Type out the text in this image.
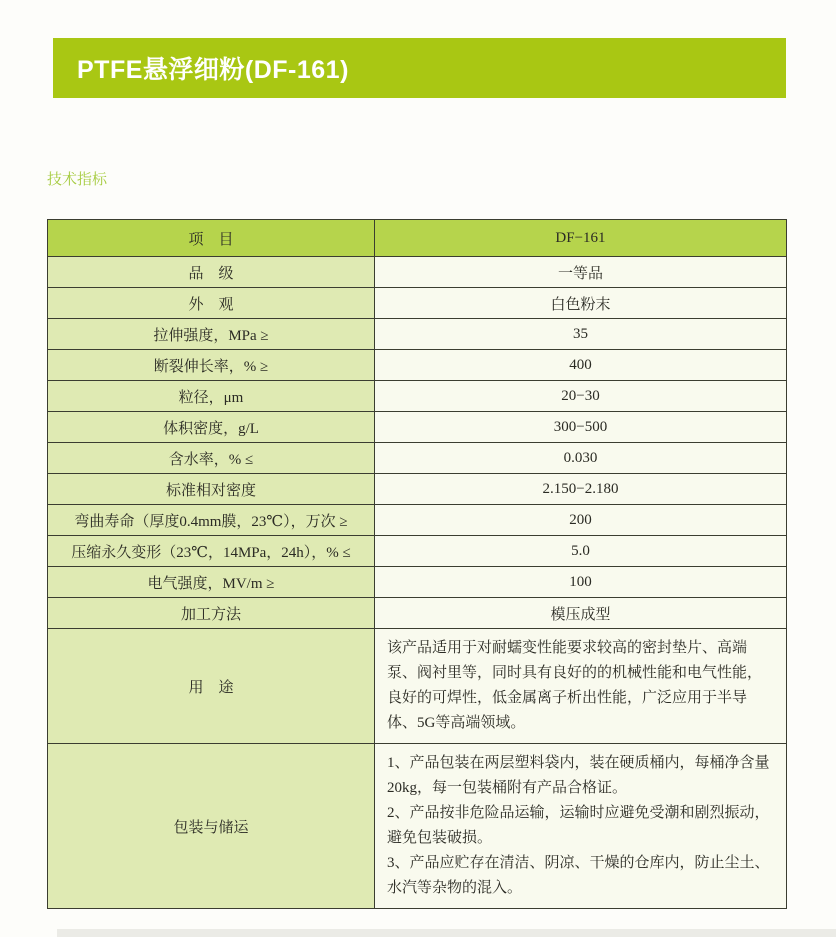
PTFE悬浮细粉(DF-161)
技术指标
项　目	DF−161
品　级	一等品
外　观	白色粉末
拉伸强度，MPa ≥	35
断裂伸长率，% ≥	400
粒径，μm	20−30
体积密度，g/L	300−500
含水率，% ≤	0.030
标准相对密度	2.150−2.180
弯曲寿命（厚度0.4mm膜，23℃），万次 ≥	200
压缩永久变形（23℃，14MPa，24h），% ≤	5.0
电气强度，MV/m ≥	100
加工方法	模压成型
用　途	该产品适用于对耐蠕变性能要求较高的密封垫片、高端泵、阀衬里等，同时具有良好的的机械性能和电气性能，良好的可焊性，低金属离子析出性能，广泛应用于半导体、5G等高端领域。
包装与储运	1、产品包装在两层塑料袋内，装在硬质桶内，每桶净含量20kg，每一包装桶附有产品合格证。
2、产品按非危险品运输，运输时应避免受潮和剧烈振动，避免包装破损。
3、产品应贮存在清洁、阴凉、干燥的仓库内，防止尘土、水汽等杂物的混入。
